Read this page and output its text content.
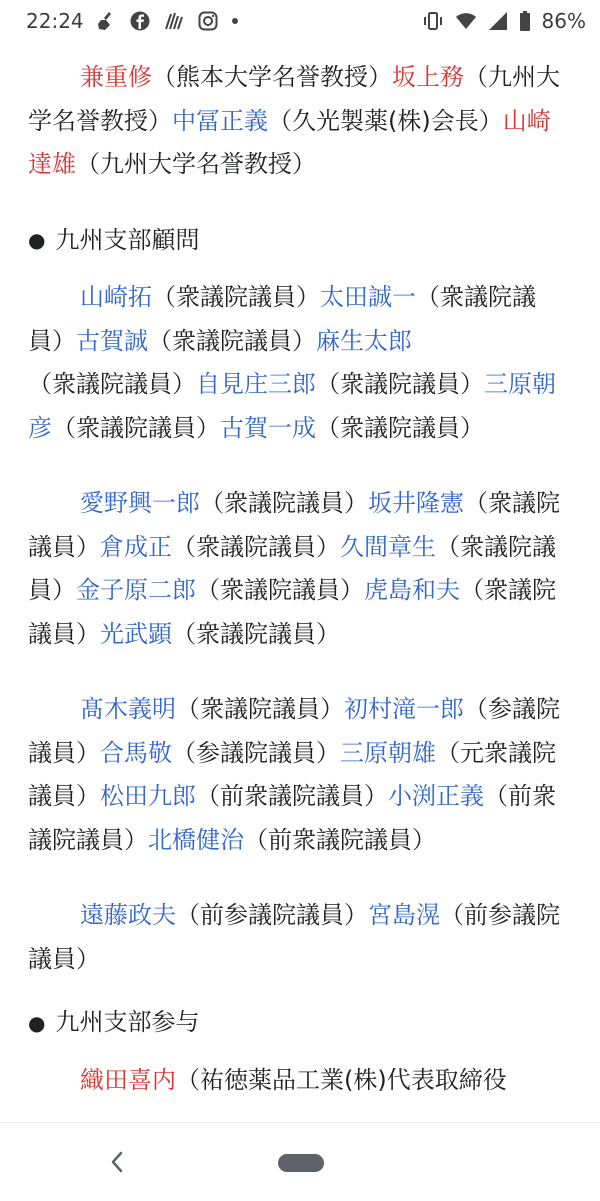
22:24	86%

兼重修（熊本大学名誉教授）坂上務（九州大学名誉教授）中冨正義（久光製薬(株)会長）山崎達雄（九州大学名誉教授）

● 九州支部顧問

山崎拓（衆議院議員）太田誠一（衆議院議員）古賀誠（衆議院議員）麻生太郎（衆議院議員）自見庄三郎（衆議院議員）三原朝彦（衆議院議員）古賀一成（衆議院議員）

愛野興一郎（衆議院議員）坂井隆憲（衆議院議員）倉成正（衆議院議員）久間章生（衆議院議員）金子原二郎（衆議院議員）虎島和夫（衆議院議員）光武顕（衆議院議員）

髙木義明（衆議院議員）初村滝一郎（参議院議員）合馬敬（参議院議員）三原朝雄（元衆議院議員）松田九郎（前衆議院議員）小渕正義（前衆議院議員）北橋健治（前衆議院議員）

遠藤政夫（前参議院議員）宮島滉（前参議院議員）

● 九州支部参与

織田喜内（祐徳薬品工業(株)代表取締役
